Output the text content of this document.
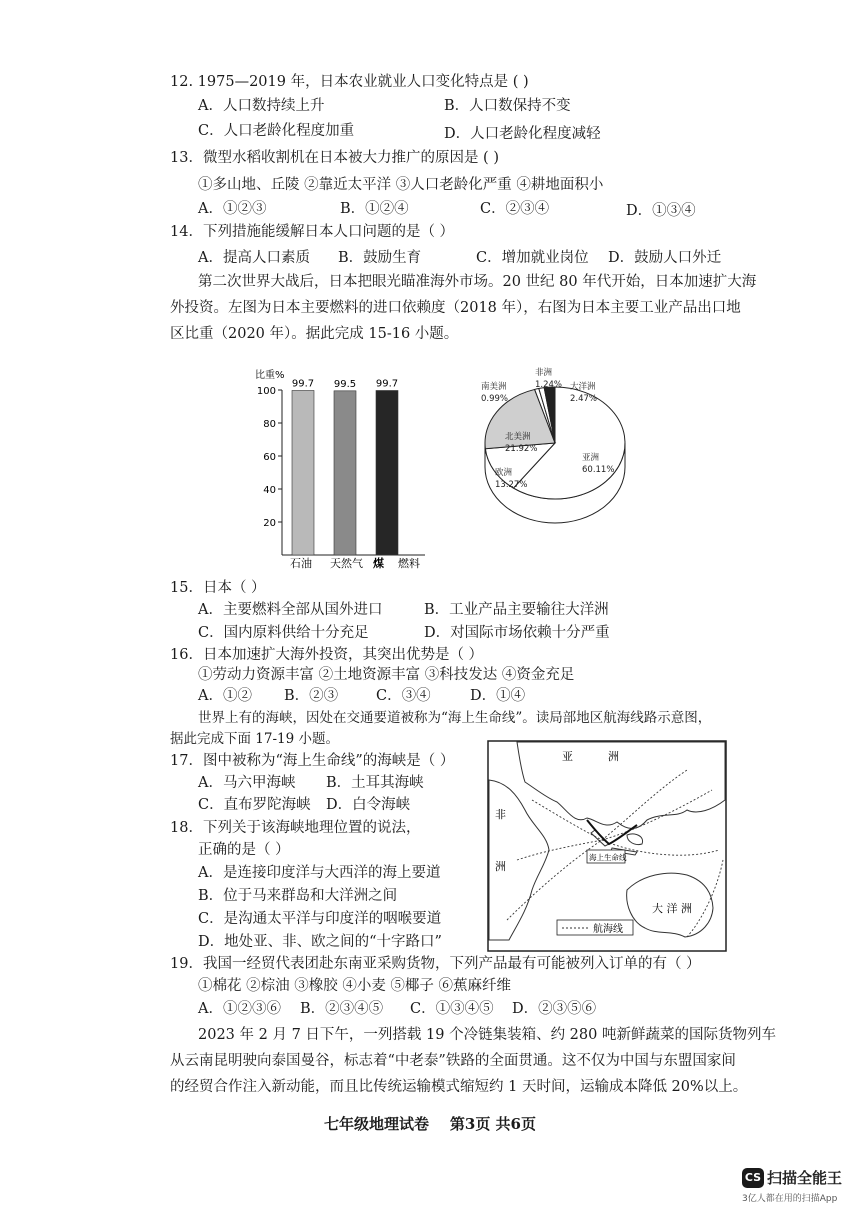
12. 1975—2019 年，日本农业就业人口变化特点是 ( )
A．人口数持续上升	B．人口数保持不变
C．人口老龄化程度加重	D．人口老龄化程度减轻
13．微型水稻收割机在日本被大力推广的原因是 ( )
①多山地、丘陵 ②靠近太平洋 ③人口老龄化严重 ④耕地面积小
A．①②③	B．①②④	C．②③④	D．①③④
14．下列措施能缓解日本人口问题的是（ ）
A．提高人口素质 B．鼓励生育	C．增加就业岗位 D．鼓励人口外迁
第二次世界大战后，日本把眼光瞄准海外市场。20 世纪 80 年代开始，日本加速扩大海
外投资。左图为日本主要燃料的进口依赖度（2018 年），右图为日本主要工业产品出口地
区比重（2020 年）。据此完成 15-16 小题。
比重%
100
80
60
40
20
99.7 99.5 99.7
石油 天然气 煤 燃料
亚洲
60.11%
欧洲
13.27%
北美洲
21.92%
南美洲
0.99%
非洲
1.24% 大洋洲
2.47%
15．日本（ ）
A．主要燃料全部从国外进口	B．工业产品主要输往大洋洲
C．国内原料供给十分充足	D．对国际市场依赖十分严重
16．日本加速扩大海外投资，其突出优势是（ ）
①劳动力资源丰富 ②土地资源丰富 ③科技发达 ④资金充足
A．①② B．②③	C．③④	D．①④
世界上有的海峡，因处在交通要道被称为“海上生命线”。读局部地区航海线路示意图，
据此完成下面 17-19 小题。
17．图中被称为“海上生命线”的海峡是（ ）
A．马六甲海峡 B．土耳其海峡
C．直布罗陀海峡 D．白令海峡
18．下列关于该海峡地理位置的说法，
正确的是（ ）
A．是连接印度洋与大西洋的海上要道
B．位于马来群岛和大洋洲之间
C．是沟通太平洋与印度洋的咽喉要道
D．地处亚、非、欧之间的“十字路口”
海上生命线
亚          洲
非
洲
大 洋 洲
航海线
19．我国一经贸代表团赴东南亚采购货物，下列产品最有可能被列入订单的有（ ）
①棉花 ②棕油 ③橡胶 ④小麦 ⑤椰子 ⑥蕉麻纤维
A．①②③⑥ B．②③④⑤ C．①③④⑤ D．②③⑤⑥
2023 年 2 月 7 日下午，一列搭载 19 个冷链集装箱、约 280 吨新鲜蔬菜的国际货物列车
从云南昆明驶向泰国曼谷，标志着“中老泰”铁路的全面贯通。这不仅为中国与东盟国家间
的经贸合作注入新动能，而且比传统运输模式缩短约 1 天时间，运输成本降低 20%以上。
七年级地理试卷    第3页 共6页
CS 扫描全能王
3亿人都在用的扫描App
